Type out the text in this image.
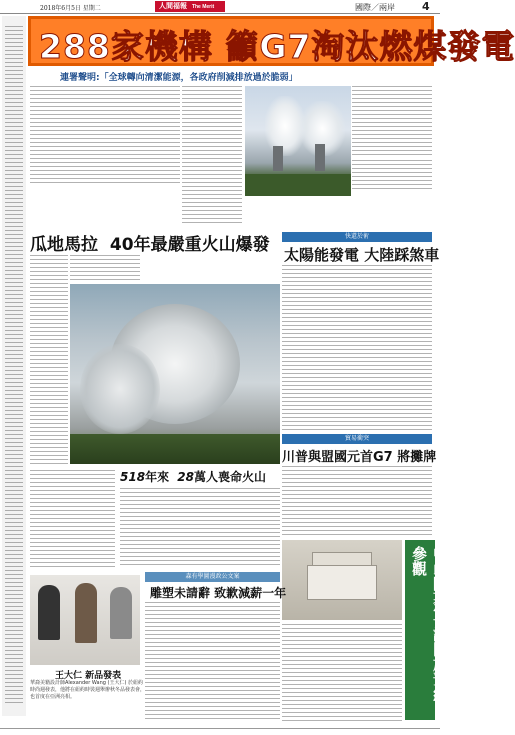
2018年6月5日 星期二	人間福報 The Merit	國際／兩岸 4
288家機構 籲G7淘汰燃煤發電
連署聲明:「全球轉向清潔能源，各政府削減排放過於脆弱」
瓜地馬拉 40年最嚴重火山爆發
518年來 28萬人喪命火山
快還於術
太陽能發電 大陸踩煞車
貿易衝突
川普與盟國元首G7 將攤牌
中山陵墓室 試開放預約參觀
王大仁 新品發表
華裔美籍設計師Alexander Wang (王大仁) 於紐約時尚週發表，他將在紐約時裝週舉辦秋冬品發表會，也首度在亞洲亮相。
森有學圖漫政公文案
雕塑未請辭 致歉減薪一年
